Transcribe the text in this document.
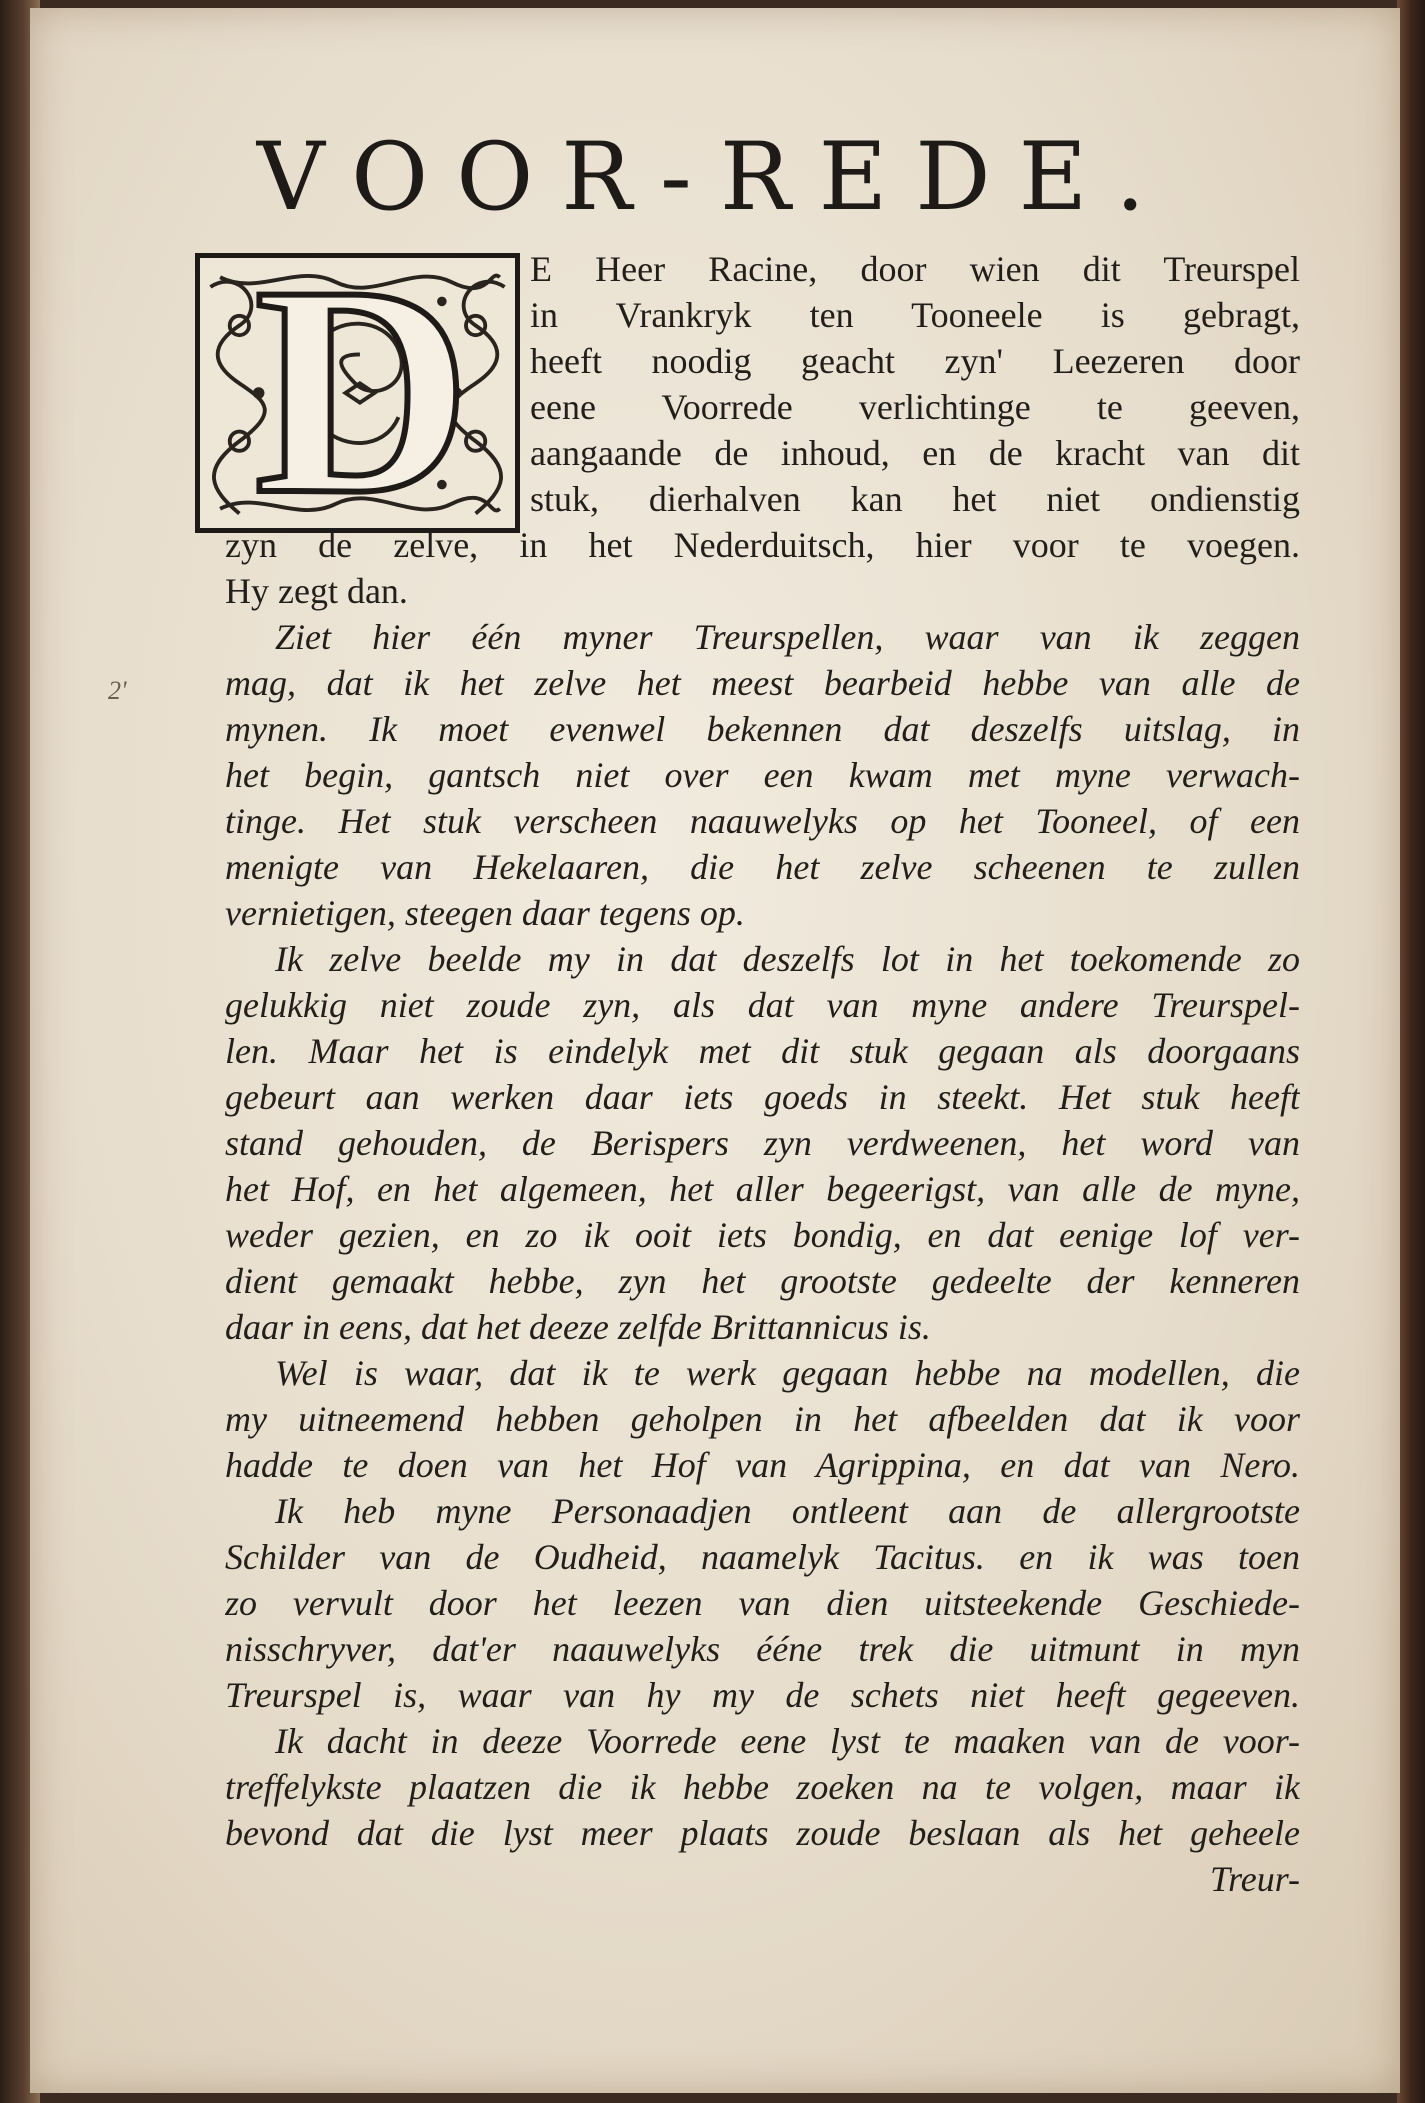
VOOR-REDE.
D
2'
E Heer Racine, door wien dit Treurspel
in Vrankryk ten Tooneele is gebragt,
heeft noodig geacht zyn' Leezeren door
eene Voorrede verlichtinge te geeven,
aangaande de inhoud, en de kracht van dit
stuk, dierhalven kan het niet ondienstig
zyn de zelve, in het Nederduitsch, hier voor te voegen.
Hy zegt dan.
Ziet hier één myner Treurspellen, waar van ik zeggen
mag, dat ik het zelve het meest bearbeid hebbe van alle de
mynen. Ik moet evenwel bekennen dat deszelfs uitslag, in
het begin, gantsch niet over een kwam met myne verwach-
tinge. Het stuk verscheen naauwelyks op het Tooneel, of een
menigte van Hekelaaren, die het zelve scheenen te zullen
vernietigen, steegen daar tegens op.
Ik zelve beelde my in dat deszelfs lot in het toekomende zo
gelukkig niet zoude zyn, als dat van myne andere Treurspel-
len. Maar het is eindelyk met dit stuk gegaan als doorgaans
gebeurt aan werken daar iets goeds in steekt. Het stuk heeft
stand gehouden, de Berispers zyn verdweenen, het word van
het Hof, en het algemeen, het aller begeerigst, van alle de myne,
weder gezien, en zo ik ooit iets bondig, en dat eenige lof ver-
dient gemaakt hebbe, zyn het grootste gedeelte der kenneren
daar in eens, dat het deeze zelfde Brittannicus is.
Wel is waar, dat ik te werk gegaan hebbe na modellen, die
my uitneemend hebben geholpen in het afbeelden dat ik voor
hadde te doen van het Hof van Agrippina, en dat van Nero.
Ik heb myne Personaadjen ontleent aan de allergrootste
Schilder van de Oudheid, naamelyk Tacitus. en ik was toen
zo vervult door het leezen van dien uitsteekende Geschiede-
nisschryver, dat'er naauwelyks ééne trek die uitmunt in myn
Treurspel is, waar van hy my de schets niet heeft gegeeven.
Ik dacht in deeze Voorrede eene lyst te maaken van de voor-
treffelykste plaatzen die ik hebbe zoeken na te volgen, maar ik
bevond dat die lyst meer plaats zoude beslaan als het geheele
Treur-
